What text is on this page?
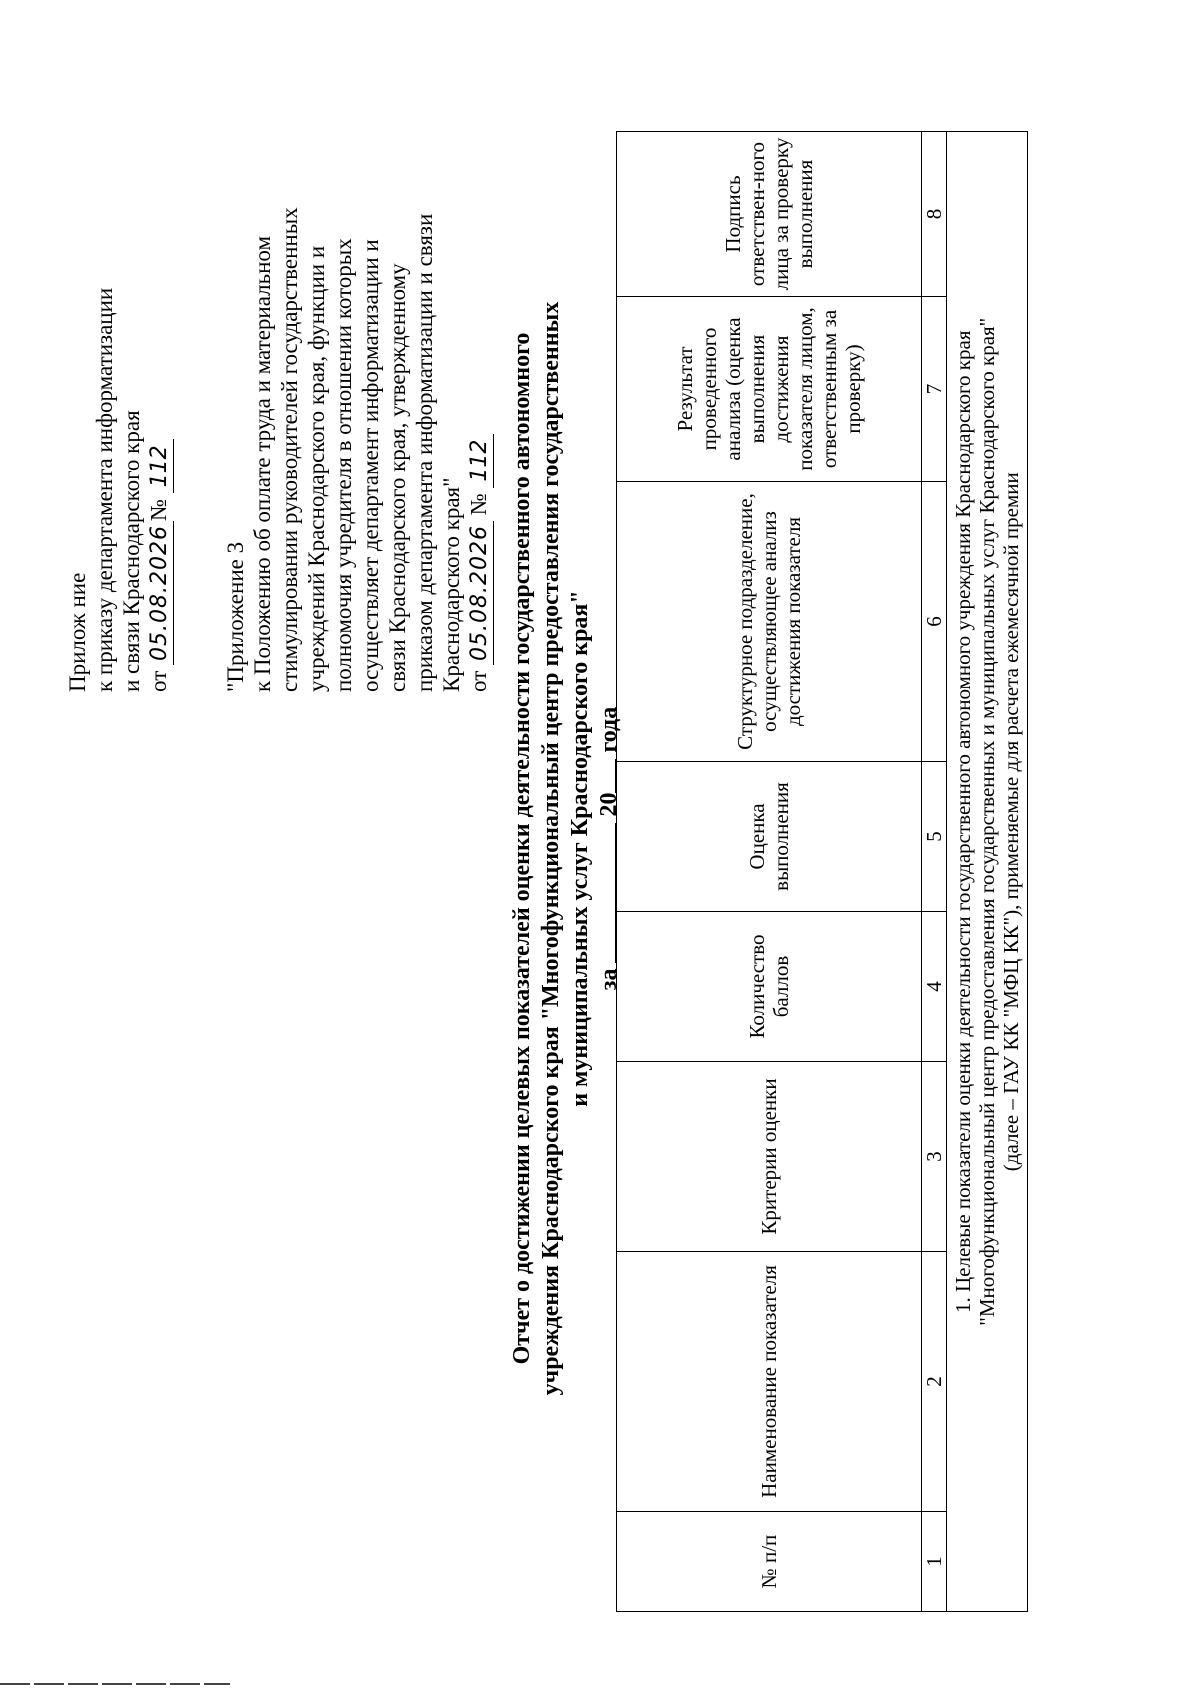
Прилож ние к приказу департамента информатизации и связи Краснодарского края от 05.08.2026№ 112
"Приложение 3 к Положению об оплате труда и материальном стимулировании руководителей государственных учреждений Краснодарского края, функции и полномочия учредителя в отношении которых осуществляет департамент информатизации и связи Краснодарского края, утвержденному приказом департамента информатизации и связи Краснодарского края" от 05.08.2026 № 112 Отчет о достижении целевых показателей оценки деятельности государственного автономного учреждения Краснодарского края "Многофункциональный центр предоставления государственных и муниципальных услуг Краснодарского края" за  20 года
№ п/п	Наименование показателя	Критерии оценки	Количество баллов	Оценка выполнения	Структурное подразделение, осуществляющее анализ достижения показателя	Результат проведенного анализа (оценка выполнения достижения показателя лицом, ответственным за проверку)	Подпись ответствен-ного лица за проверку выполнения
1	2	3	4	5	6	7	8

	1. Целевые показатели оценки деятельности государственного автономного учреждения Краснодарского края "Многофункциональный центр предоставления государственных и муниципальных услуг Краснодарского края" (далее – ГАУ КК "МФЦ КК"), применяемые для расчета ежемесячной премии						
